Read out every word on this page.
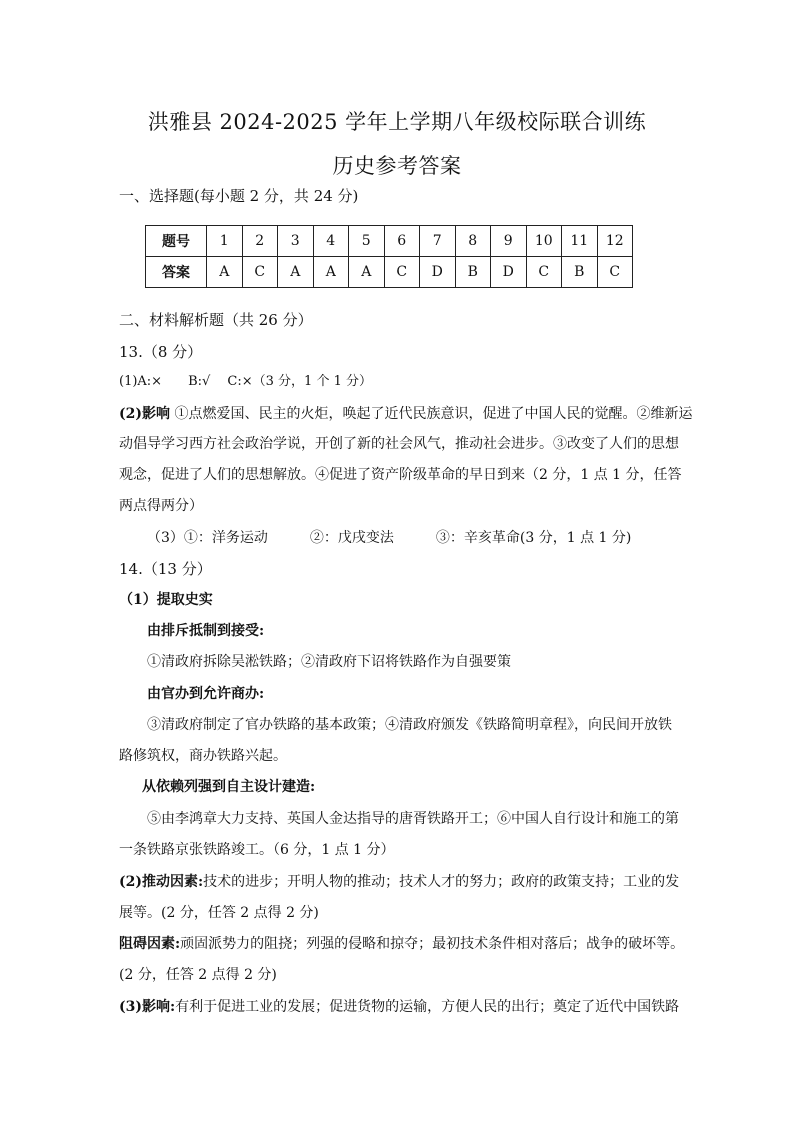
洪雅县 2024-2025 学年上学期八年级校际联合训练
历史参考答案
一、选择题(每小题 2 分，共 24 分)
题号	1	2	3	4	5	6	7	8	9	10	11	12
答案	A	C	A	A	A	C	D	B	D	C	B	C
二、材料解析题（共 26 分）
13.（8 分）
(1)A:×　　B:√　 C:×（3 分，1 个 1 分）
(2)影响 ①点燃爱国、民主的火炬，唤起了近代民族意识，促进了中国人民的觉醒。②维新运
动倡导学习西方社会政治学说，开创了新的社会风气，推动社会进步。③改变了人们的思想
观念，促进了人们的思想解放。④促进了资产阶级革命的早日到来（2 分，1 点 1 分，任答
两点得两分）
（3）①：洋务运动　　　②：戊戌变法　　　③：辛亥革命(3 分，1 点 1 分)
14.（13 分）
（1）提取史实
由排斥抵制到接受:
①清政府拆除吴淞铁路；②清政府下诏将铁路作为自强要策
由官办到允许商办:
③清政府制定了官办铁路的基本政策；④清政府颁发《铁路简明章程》，向民间开放铁
路修筑权，商办铁路兴起。
从依赖列强到自主设计建造:
⑤由李鸿章大力支持、英国人金达指导的唐胥铁路开工；⑥中国人自行设计和施工的第
一条铁路京张铁路竣工。（6 分，1 点 1 分）
(2)推动因素:技术的进步；开明人物的推动；技术人才的努力；政府的政策支持；工业的发
展等。(2 分，任答 2 点得 2 分)
阻碍因素:顽固派势力的阻挠；列强的侵略和掠夺；最初技术条件相对落后；战争的破坏等。
(2 分，任答 2 点得 2 分)
(3)影响:有利于促进工业的发展；促进货物的运输，方便人民的出行；奠定了近代中国铁路
